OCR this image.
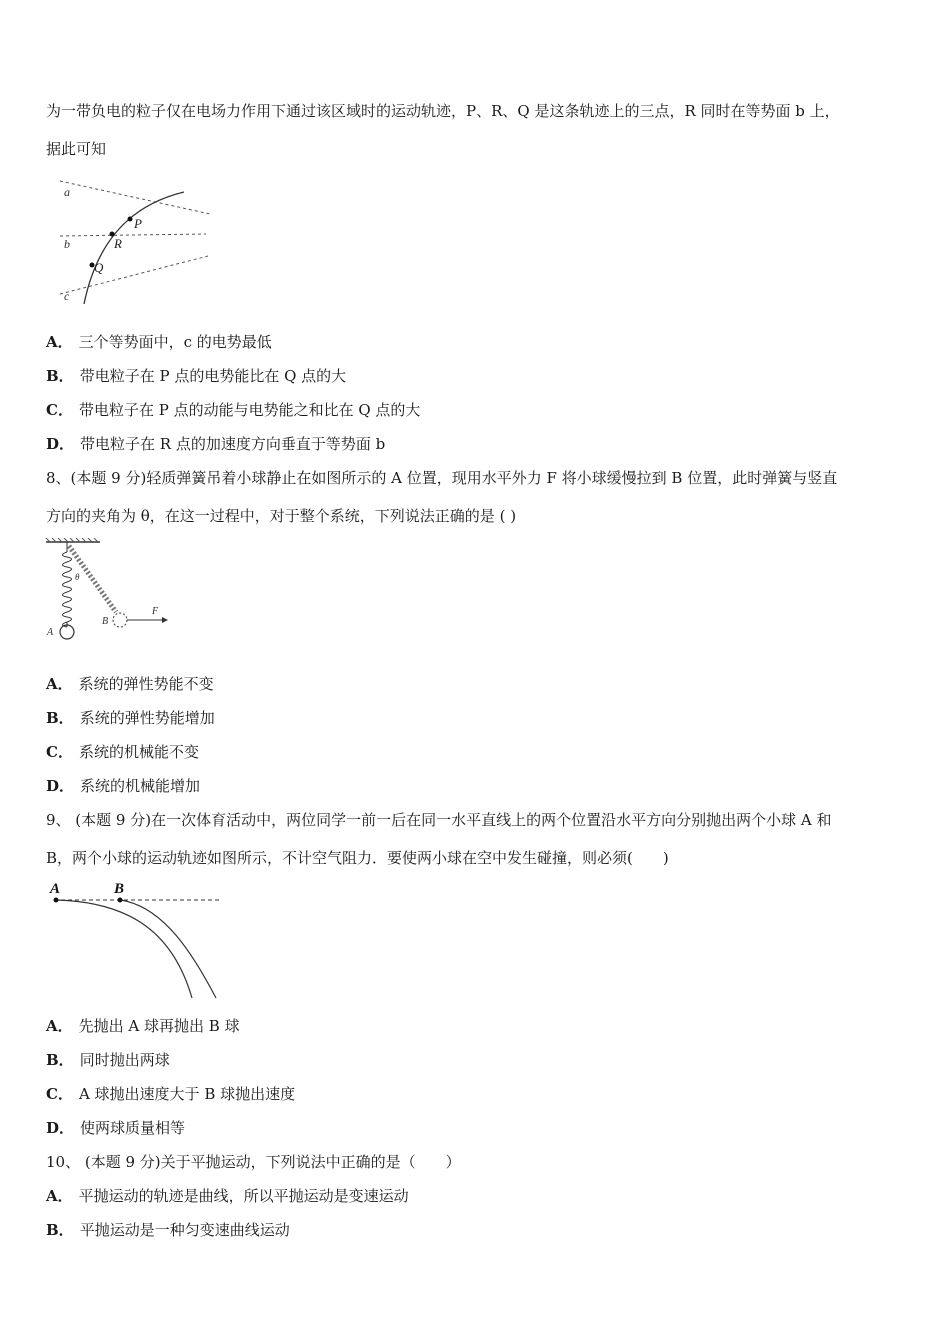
为一带负电的粒子仅在电场力作用下通过该区域时的运动轨迹，P、R、Q 是这条轨迹上的三点，R 同时在等势面 b 上，
据此可知
a
b
c
P
R
Q
A． 三个等势面中，c 的电势最低
B． 带电粒子在 P 点的电势能比在 Q 点的大
C． 带电粒子在 P 点的动能与电势能之和比在 Q 点的大
D． 带电粒子在 R 点的加速度方向垂直于等势面 b
8、(本题 9 分)轻质弹簧吊着小球静止在如图所示的 A 位置，现用水平外力 F 将小球缓慢拉到 B 位置，此时弹簧与竖直
方向的夹角为 θ，在这一过程中，对于整个系统，下列说法正确的是 ( )
A
B
F
θ
A． 系统的弹性势能不变
B． 系统的弹性势能增加
C． 系统的机械能不变
D． 系统的机械能增加
9、 (本题 9 分)在一次体育活动中，两位同学一前一后在同一水平直线上的两个位置沿水平方向分别抛出两个小球 A 和
B，两个小球的运动轨迹如图所示，不计空气阻力．要使两小球在空中发生碰撞，则必须(　　)
A	B
A． 先抛出 A 球再抛出 B 球
B． 同时抛出两球
C． A 球抛出速度大于 B 球抛出速度
D． 使两球质量相等
10、 (本题 9 分)关于平抛运动，下列说法中正确的是（　　）
A． 平抛运动的轨迹是曲线，所以平抛运动是变速运动
B． 平抛运动是一种匀变速曲线运动
